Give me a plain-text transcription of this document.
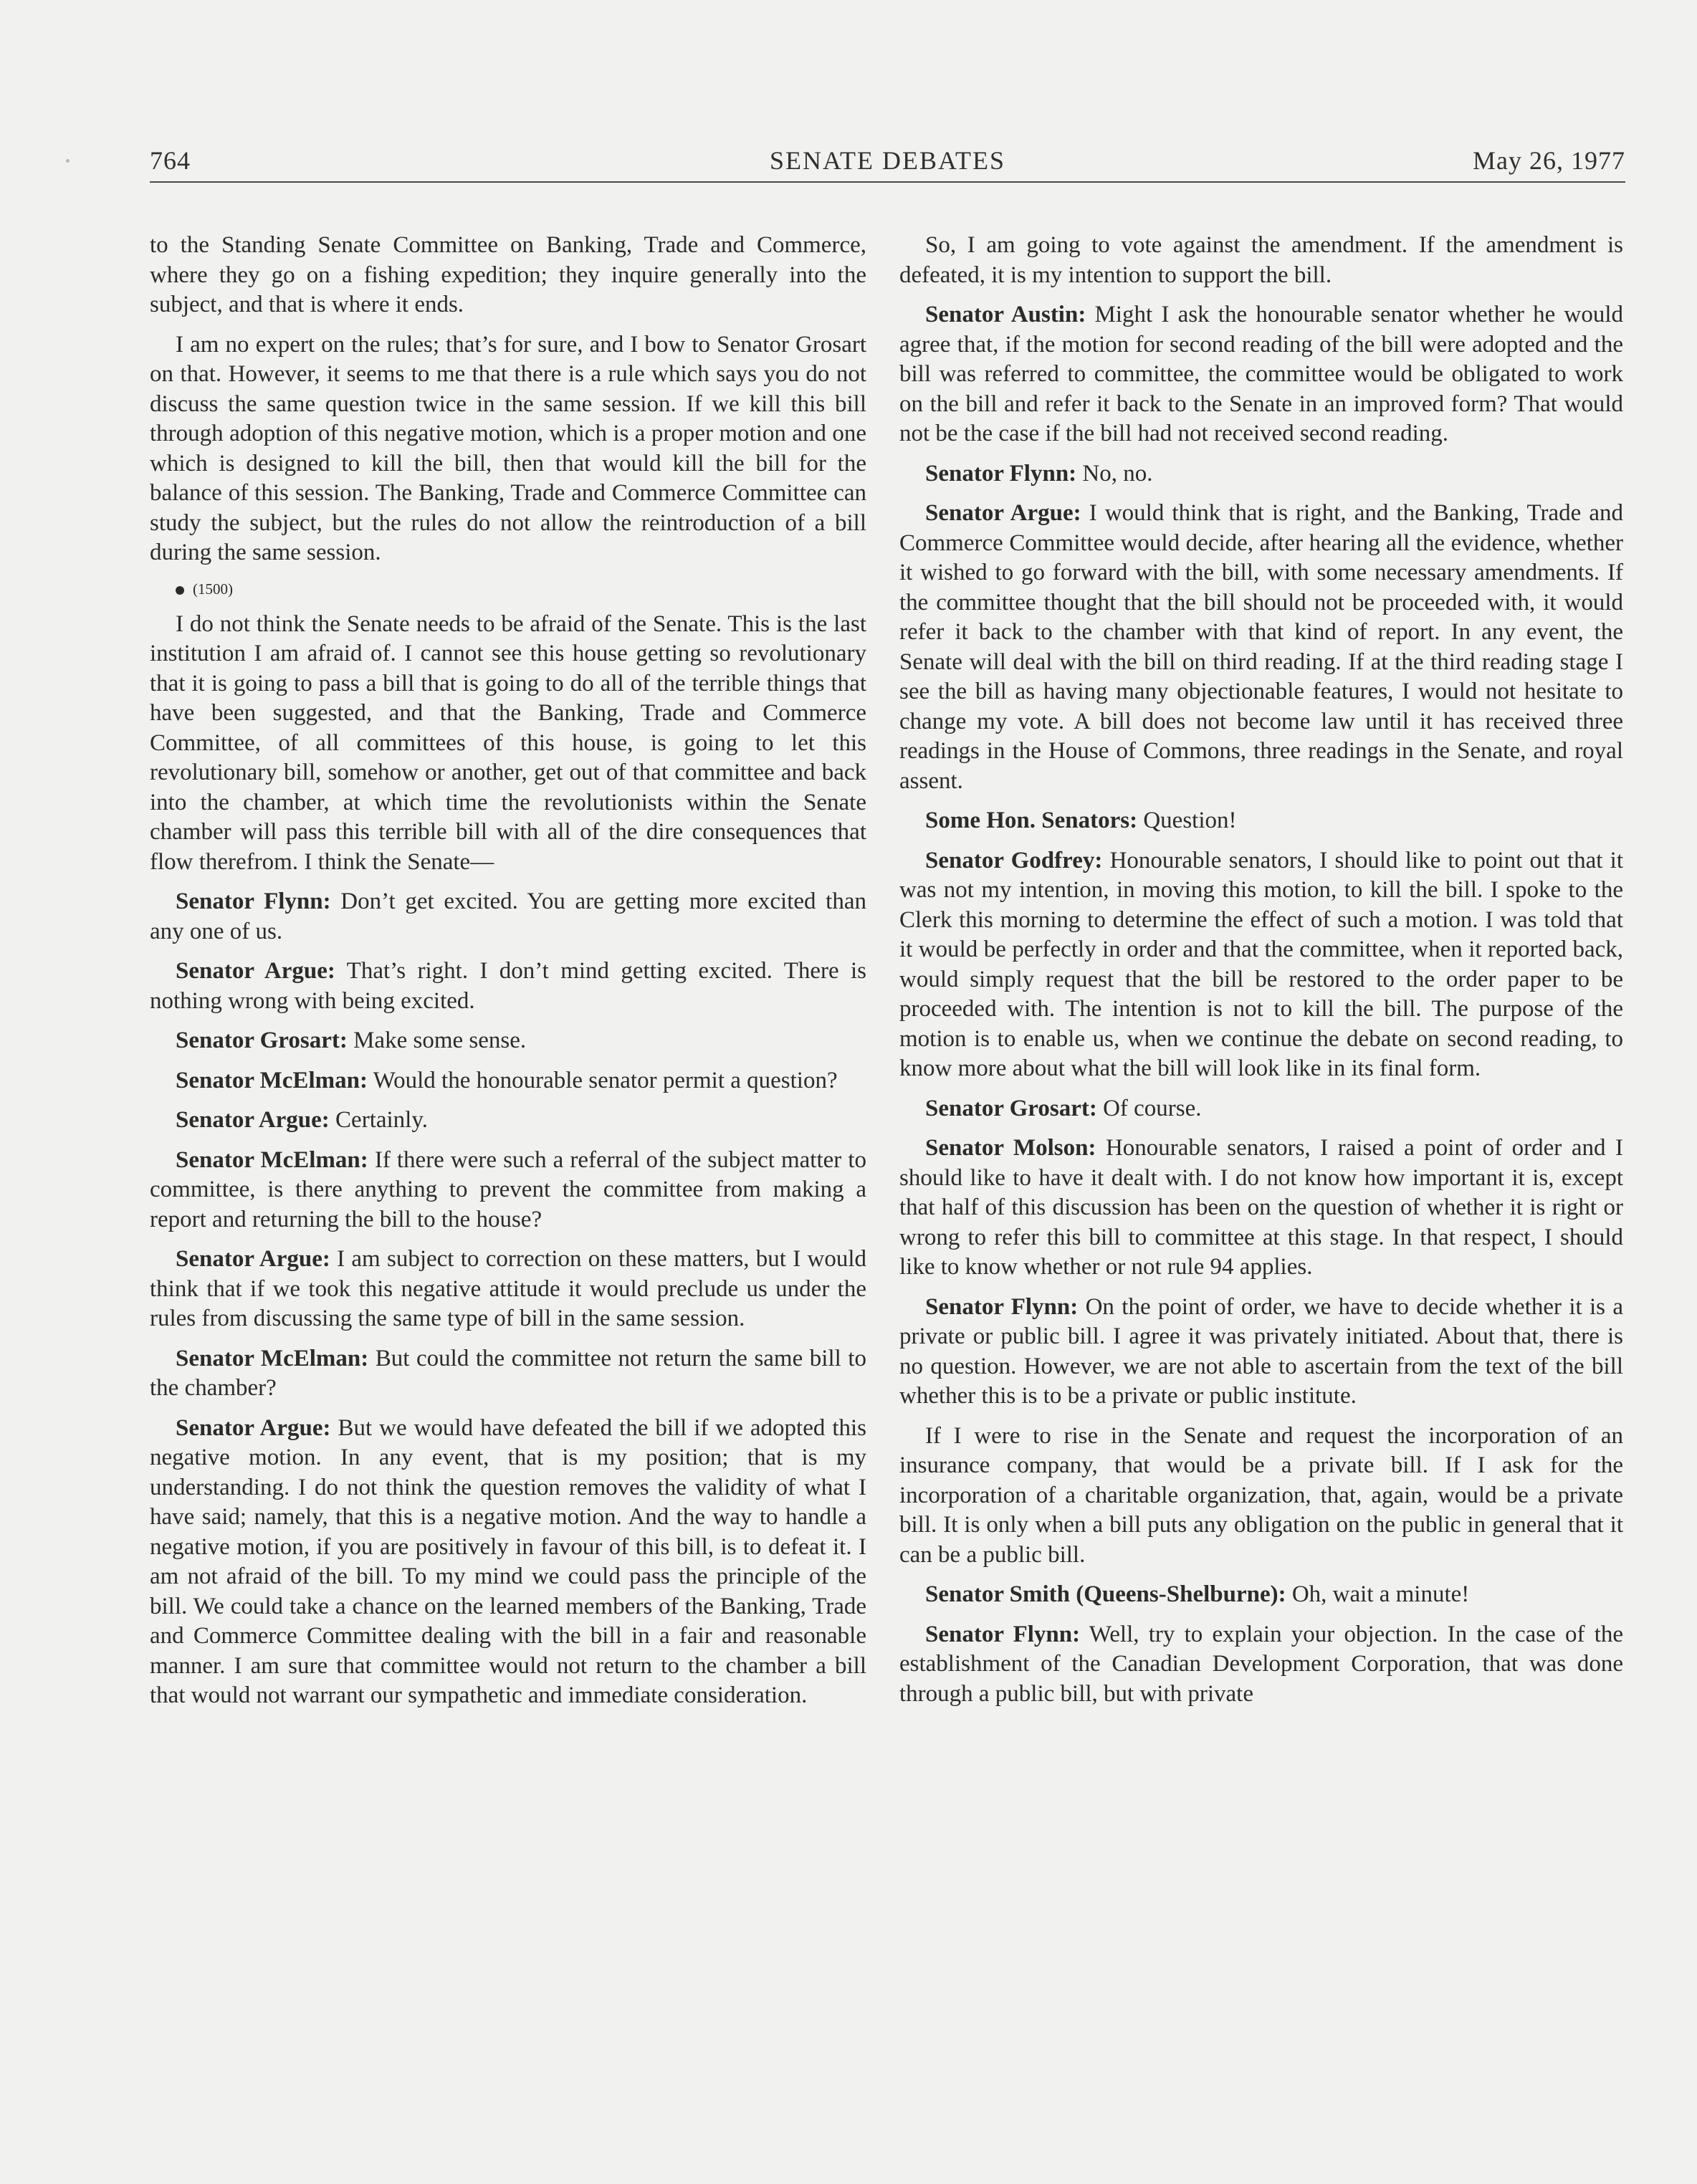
764	SENATE DEBATES	May 26, 1977

to the Standing Senate Committee on Banking, Trade and Commerce, where they go on a fishing expedition; they inquire generally into the subject, and that is where it ends.

I am no expert on the rules; that’s for sure, and I bow to Senator Grosart on that. However, it seems to me that there is a rule which says you do not discuss the same question twice in the same session. If we kill this bill through adoption of this negative motion, which is a proper motion and one which is designed to kill the bill, then that would kill the bill for the balance of this session. The Banking, Trade and Commerce Committee can study the subject, but the rules do not allow the reintroduction of a bill during the same session.

(1500)

I do not think the Senate needs to be afraid of the Senate. This is the last institution I am afraid of. I cannot see this house getting so revolutionary that it is going to pass a bill that is going to do all of the terrible things that have been suggested, and that the Banking, Trade and Commerce Committee, of all committees of this house, is going to let this revolutionary bill, somehow or another, get out of that committee and back into the chamber, at which time the revolutionists within the Senate chamber will pass this terrible bill with all of the dire consequences that flow therefrom. I think the Senate—

Senator Flynn: Don’t get excited. You are getting more excited than any one of us.

Senator Argue: That’s right. I don’t mind getting excited. There is nothing wrong with being excited.

Senator Grosart: Make some sense.

Senator McElman: Would the honourable senator permit a question?

Senator Argue: Certainly.

Senator McElman: If there were such a referral of the subject matter to committee, is there anything to prevent the committee from making a report and returning the bill to the house?

Senator Argue: I am subject to correction on these matters, but I would think that if we took this negative attitude it would preclude us under the rules from discussing the same type of bill in the same session.

Senator McElman: But could the committee not return the same bill to the chamber?

Senator Argue: But we would have defeated the bill if we adopted this negative motion. In any event, that is my position; that is my understanding. I do not think the question removes the validity of what I have said; namely, that this is a negative motion. And the way to handle a negative motion, if you are positively in favour of this bill, is to defeat it. I am not afraid of the bill. To my mind we could pass the principle of the bill. We could take a chance on the learned members of the Banking, Trade and Commerce Committee dealing with the bill in a fair and reasonable manner. I am sure that committee would not return to the chamber a bill that would not warrant our sympathetic and immediate consideration.

So, I am going to vote against the amendment. If the amendment is defeated, it is my intention to support the bill.

Senator Austin: Might I ask the honourable senator whether he would agree that, if the motion for second reading of the bill were adopted and the bill was referred to committee, the committee would be obligated to work on the bill and refer it back to the Senate in an improved form? That would not be the case if the bill had not received second reading.

Senator Flynn: No, no.

Senator Argue: I would think that is right, and the Banking, Trade and Commerce Committee would decide, after hearing all the evidence, whether it wished to go forward with the bill, with some necessary amendments. If the committee thought that the bill should not be proceeded with, it would refer it back to the chamber with that kind of report. In any event, the Senate will deal with the bill on third reading. If at the third reading stage I see the bill as having many objectionable features, I would not hesitate to change my vote. A bill does not become law until it has received three readings in the House of Commons, three readings in the Senate, and royal assent.

Some Hon. Senators: Question!

Senator Godfrey: Honourable senators, I should like to point out that it was not my intention, in moving this motion, to kill the bill. I spoke to the Clerk this morning to determine the effect of such a motion. I was told that it would be perfectly in order and that the committee, when it reported back, would simply request that the bill be restored to the order paper to be proceeded with. The intention is not to kill the bill. The purpose of the motion is to enable us, when we continue the debate on second reading, to know more about what the bill will look like in its final form.

Senator Grosart: Of course.

Senator Molson: Honourable senators, I raised a point of order and I should like to have it dealt with. I do not know how important it is, except that half of this discussion has been on the question of whether it is right or wrong to refer this bill to committee at this stage. In that respect, I should like to know whether or not rule 94 applies.

Senator Flynn: On the point of order, we have to decide whether it is a private or public bill. I agree it was privately initiated. About that, there is no question. However, we are not able to ascertain from the text of the bill whether this is to be a private or public institute.

If I were to rise in the Senate and request the incorporation of an insurance company, that would be a private bill. If I ask for the incorporation of a charitable organization, that, again, would be a private bill. It is only when a bill puts any obligation on the public in general that it can be a public bill.

Senator Smith (Queens-Shelburne): Oh, wait a minute!

Senator Flynn: Well, try to explain your objection. In the case of the establishment of the Canadian Development Corporation, that was done through a public bill, but with private
